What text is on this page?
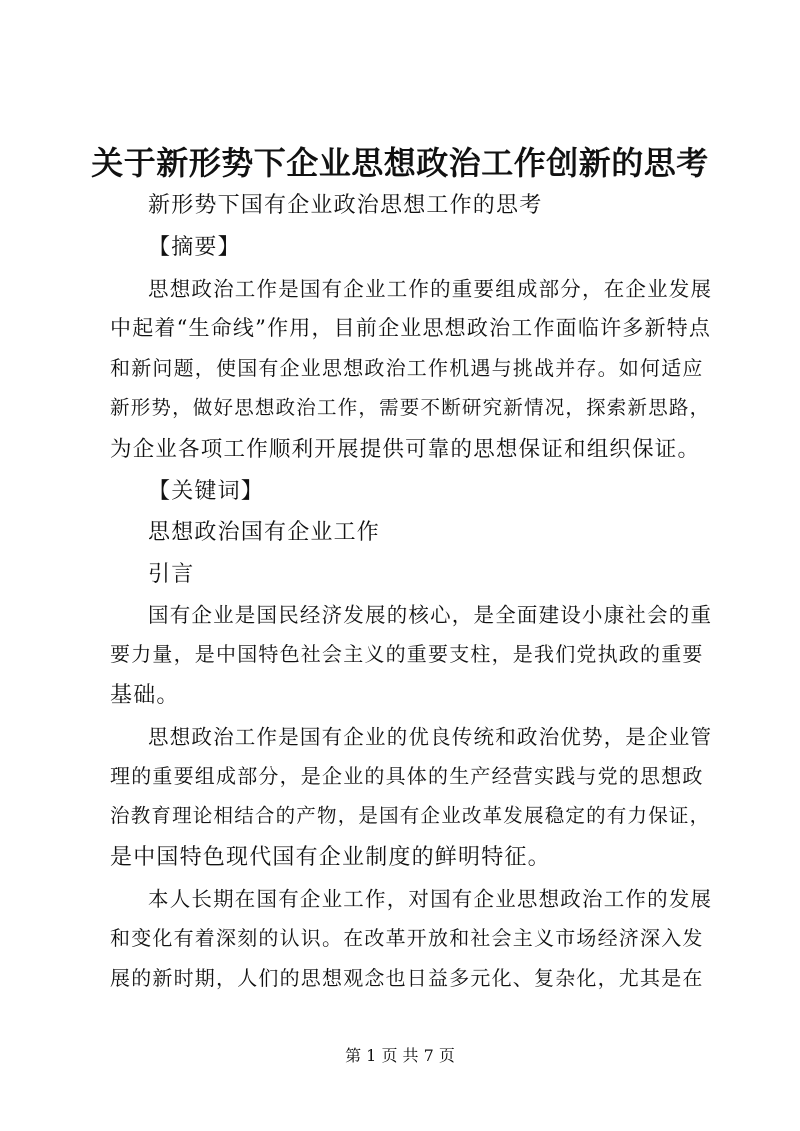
关于新形势下企业思想政治工作创新的思考
新形势下国有企业政治思想工作的思考
【摘要】
思想政治工作是国有企业工作的重要组成部分，在企业发展
中起着“生命线”作用，目前企业思想政治工作面临许多新特点
和新问题，使国有企业思想政治工作机遇与挑战并存。如何适应
新形势，做好思想政治工作，需要不断研究新情况，探索新思路，
为企业各项工作顺利开展提供可靠的思想保证和组织保证。
【关键词】
思想政治国有企业工作
引言
国有企业是国民经济发展的核心，是全面建设小康社会的重
要力量，是中国特色社会主义的重要支柱，是我们党执政的重要
基础。
思想政治工作是国有企业的优良传统和政治优势，是企业管
理的重要组成部分，是企业的具体的生产经营实践与党的思想政
治教育理论相结合的产物，是国有企业改革发展稳定的有力保证，
是中国特色现代国有企业制度的鲜明特征。
本人长期在国有企业工作，对国有企业思想政治工作的发展
和变化有着深刻的认识。在改革开放和社会主义市场经济深入发
展的新时期，人们的思想观念也日益多元化、复杂化，尤其是在
第 1 页 共 7 页
